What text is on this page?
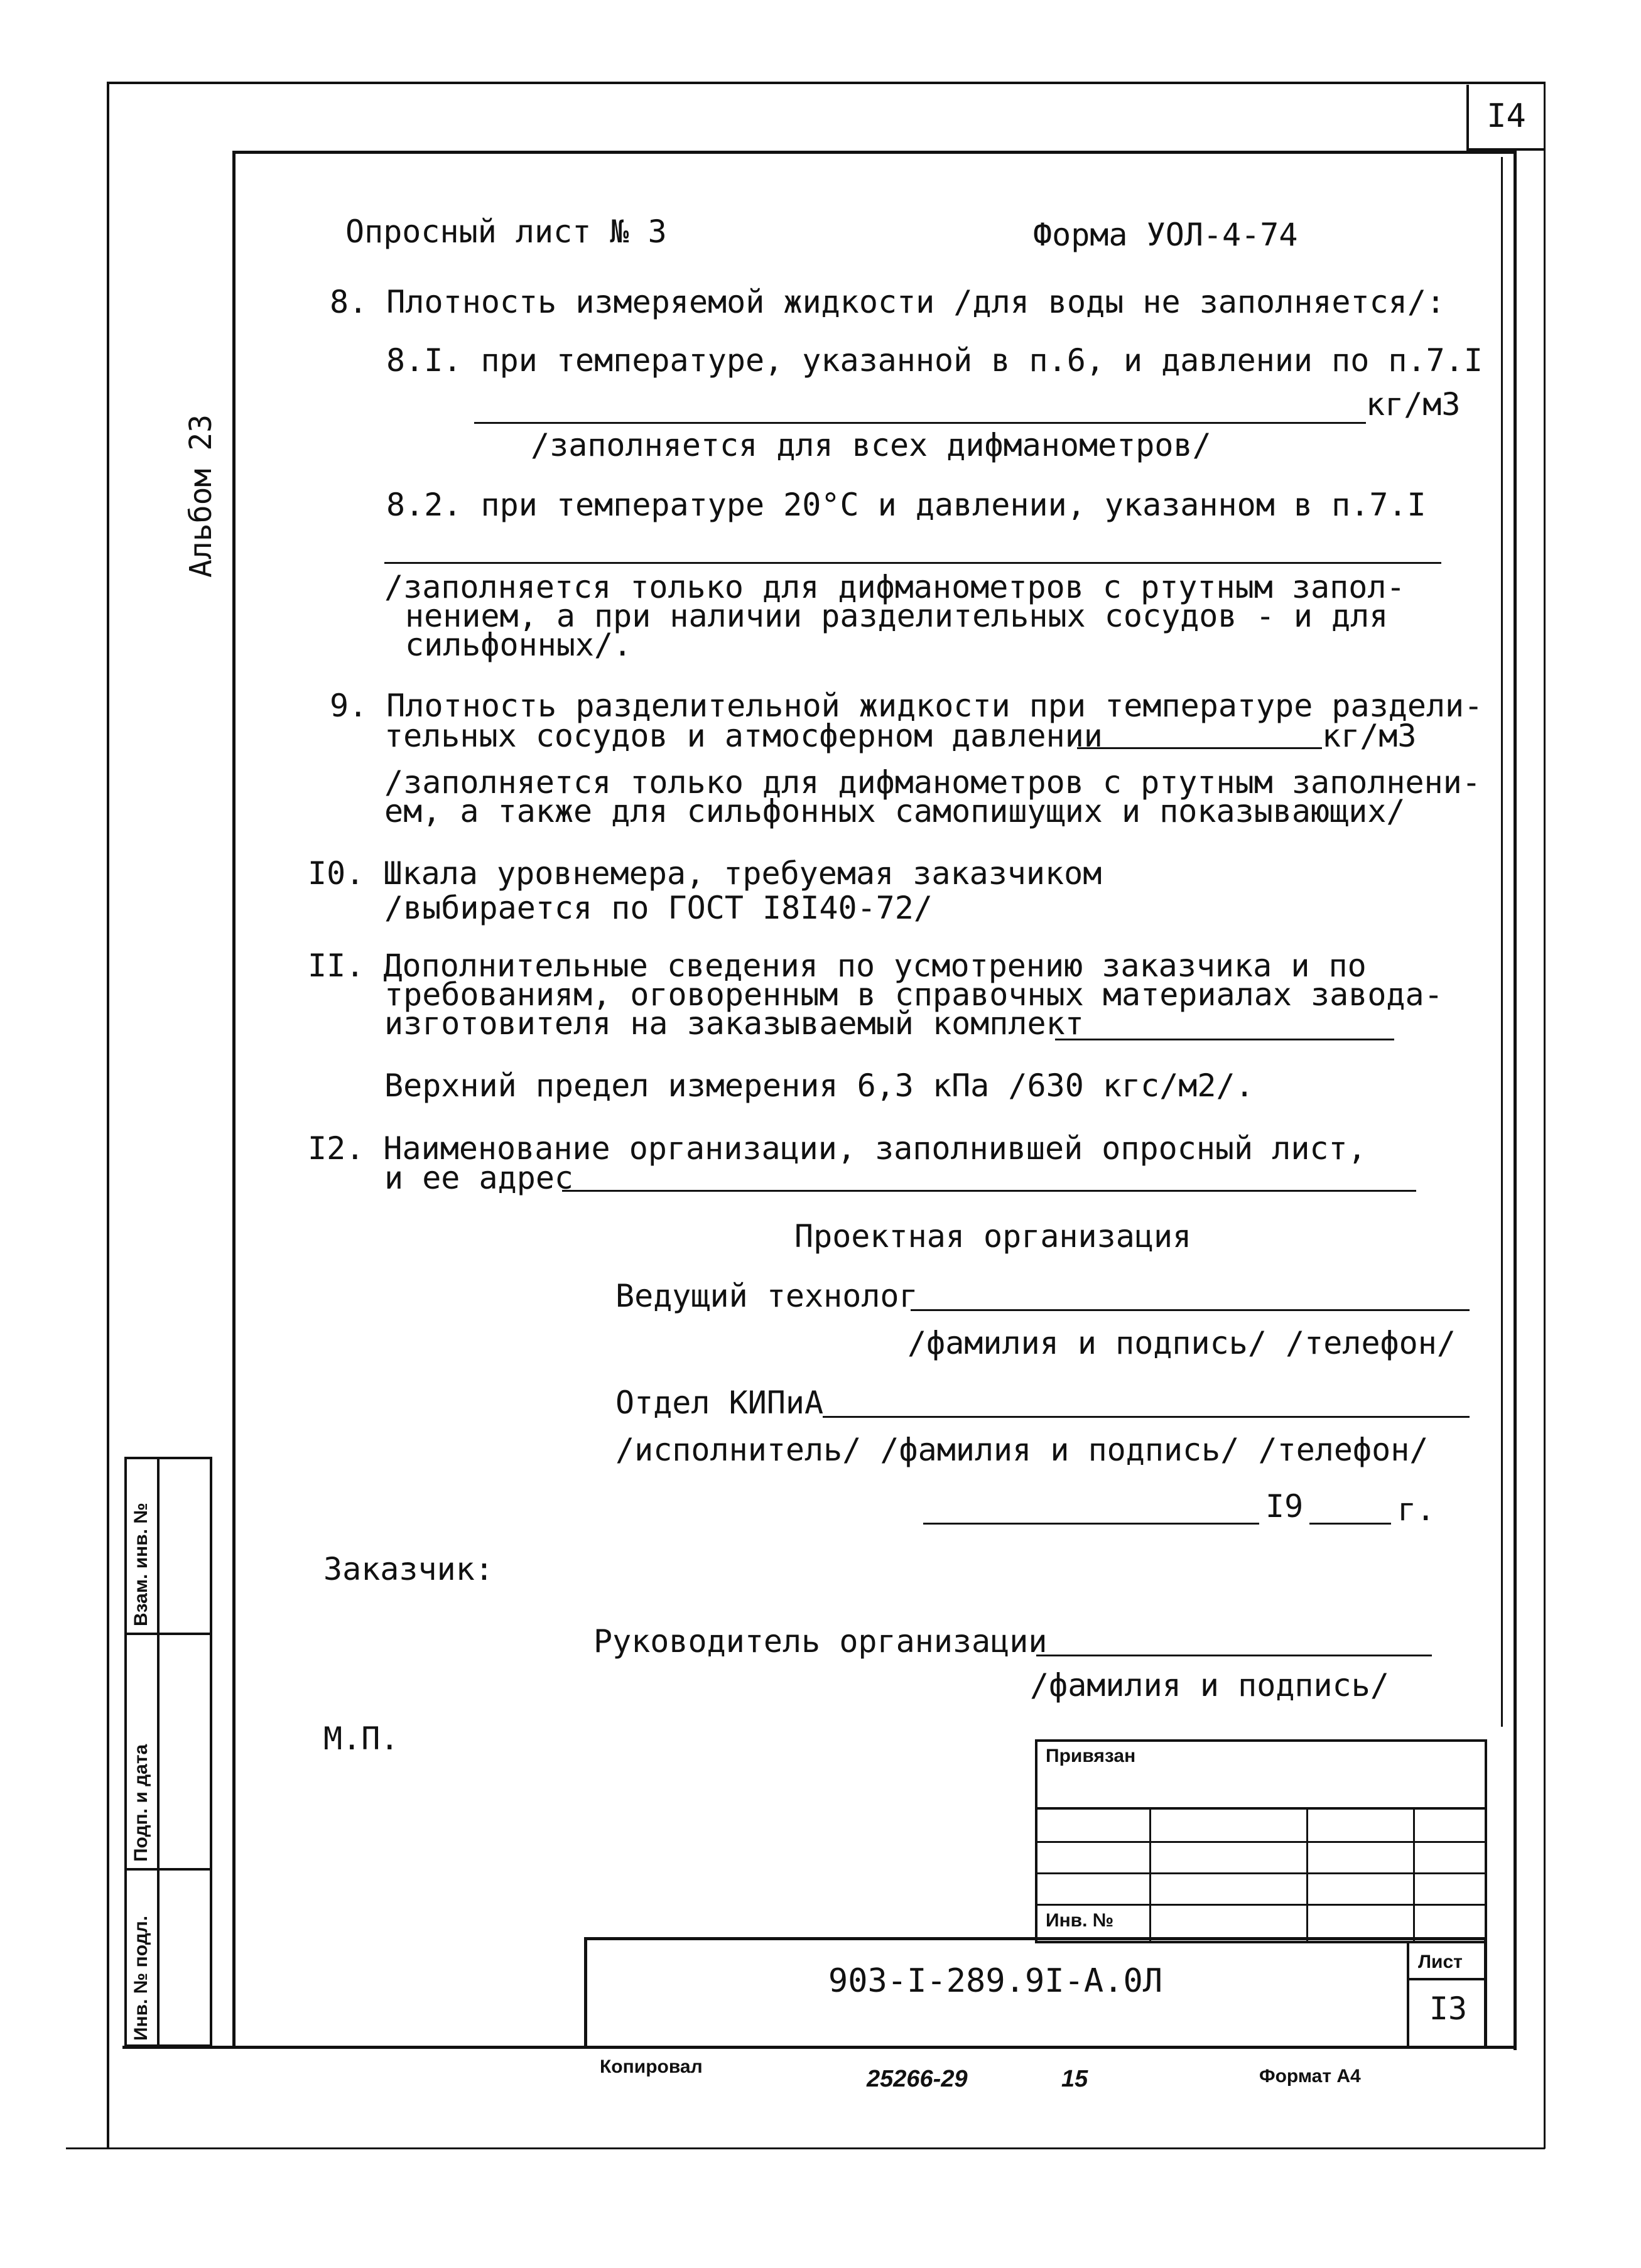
I4
Альбом 23
Опросный лист № 3	Форма УОЛ-4-74
8. Плотность измеряемой жидкости /для воды не заполняется/:
8.I. при температуре, указанной в п.6, и давлении по п.7.I
кг/м3
/заполняется для всех дифманометров/
8.2. при температуре 20°С и давлении, указанном в п.7.I
/заполняется только для дифманометров с ртутным запол-
нением, а при наличии разделительных сосудов - и для
сильфонных/.
9. Плотность разделительной жидкости при температуре раздели-
тельных сосудов и атмосферном давлении	кг/м3
/заполняется только для дифманометров с ртутным заполнени-
ем, а также для сильфонных самопишущих и показывающих/
I0. Шкала уровнемера, требуемая заказчиком
/выбирается по ГОСТ I8I40-72/
II. Дополнительные сведения по усмотрению заказчика и по
требованиям, оговоренным в справочных материалах завода-
изготовителя на заказываемый комплект
Верхний предел измерения 6,3 кПа /630 кгс/м2/.
I2. Наименование организации, заполнившей опросный лист,
и ее адрес
Проектная организация
Ведущий технолог
/фамилия и подпись/ /телефон/
Отдел КИПиА
/исполнитель/ /фамилия и подпись/ /телефон/
I9	г.
Заказчик:
Руководитель организации
/фамилия и подпись/
М.П.
Инв. № подл.
Подп. и дата
Взам. инв. №
Привязан
Инв. №
903-I-289.9I-А.0Л
Лист
I3
Копировал	25266-29	15	Формат А4
